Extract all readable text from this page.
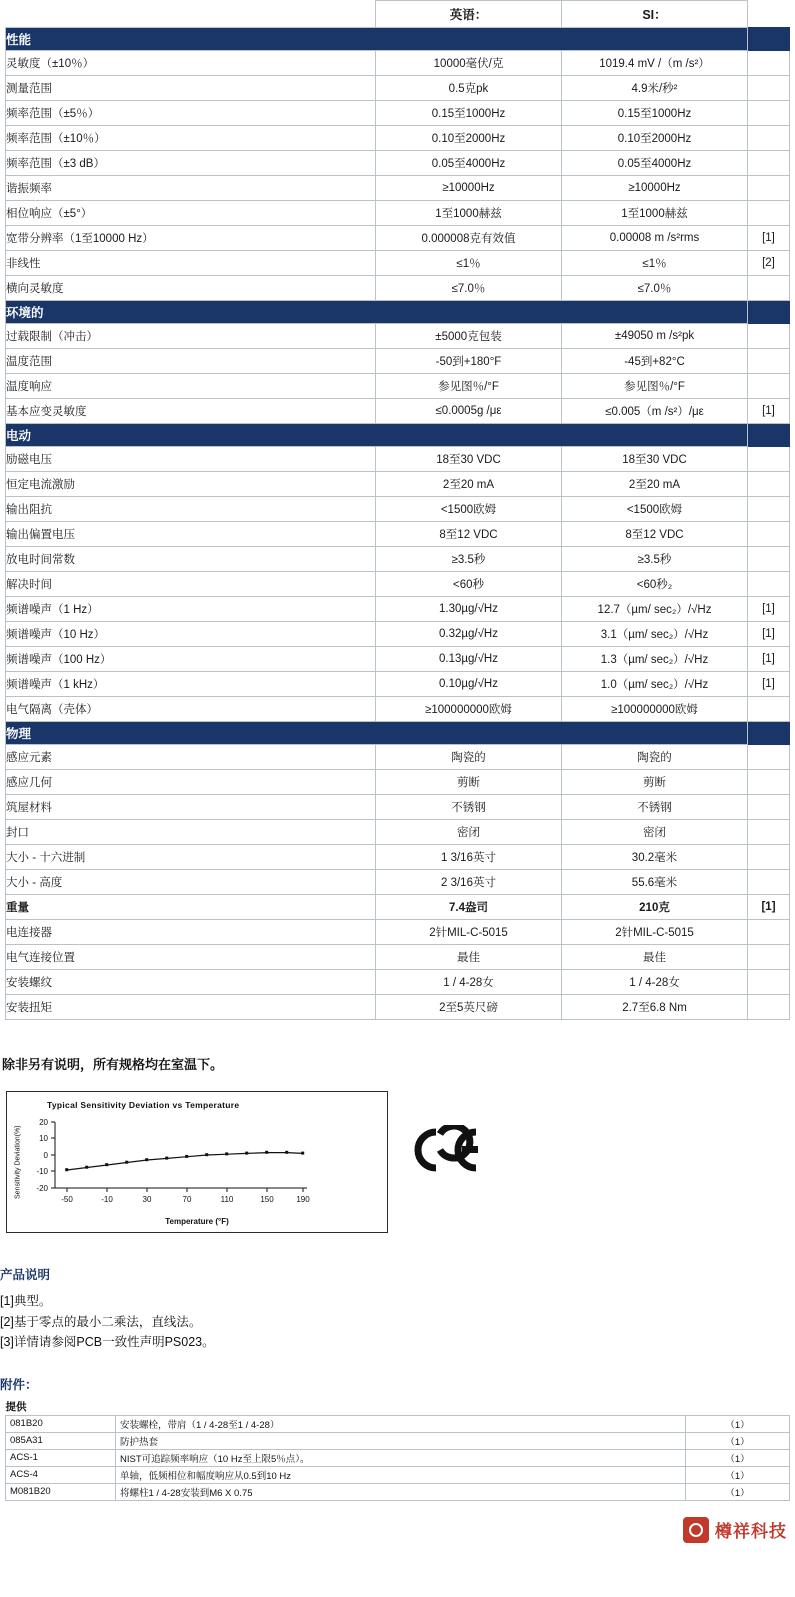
	英语：	SI：	
性能			
灵敏度（±10％）	10000毫伏/克	1019.4 mV /（m /s²）	
测量范围	0.5克pk	4.9米/秒²	
频率范围（±5％）	0.15至1000Hz	0.15至1000Hz	
频率范围（±10％）	0.10至2000Hz	0.10至2000Hz	
频率范围（±3 dB）	0.05至4000Hz	0.05至4000Hz	
谐振频率	≥10000Hz	≥10000Hz	
相位响应（±5°）	1至1000赫兹	1至1000赫兹	
宽带分辨率（1至10000 Hz）	0.000008克有效值	0.00008 m /s²rms	[1]
非线性	≤1％	≤1％	[2]
横向灵敏度	≤7.0％	≤7.0％	
环境的			
过载限制（冲击）	±5000克包装	±49050 m /s²pk	
温度范围	-50到+180°F	-45到+82°C	
温度响应	参见图％/°F	参见图％/°F	
基本应变灵敏度	≤0.0005g /με	≤0.005（m /s²）/με	[1]
电动			
励磁电压	18至30 VDC	18至30 VDC	
恒定电流激励	2至20 mA	2至20 mA	
输出阻抗	<1500欧姆	<1500欧姆	
输出偏置电压	8至12 VDC	8至12 VDC	
放电时间常数	≥3.5秒	≥3.5秒	
解决时间	<60秒	<60秒₂	
频谱噪声（1 Hz）	1.30µg/√Hz	12.7（µm/ sec₂）/√Hz	[1]
频谱噪声（10 Hz）	0.32µg/√Hz	3.1（µm/ sec₂）/√Hz	[1]
频谱噪声（100 Hz）	0.13µg/√Hz	1.3（µm/ sec₂）/√Hz	[1]
频谱噪声（1 kHz）	0.10µg/√Hz	1.0（µm/ sec₂）/√Hz	[1]
电气隔离（壳体）	≥100000000欧姆	≥100000000欧姆	
物理			
感应元素	陶瓷的	陶瓷的	
感应几何	剪断	剪断	
筑屋材料	不锈钢	不锈钢	
封口	密闭	密闭	
大小 - 十六进制	1 3/16英寸	30.2毫米	
大小 - 高度	2 3/16英寸	55.6毫米	
重量	7.4盎司	210克	[1]
电连接器	2针MIL-C-5015	2针MIL-C-5015	
电气连接位置	最佳	最佳	
安装螺纹	1 / 4-28女	1 / 4-28女	
安装扭矩	2至5英尺磅	2.7至6.8 Nm	
除非另有说明，所有规格均在室温下。
Typical Sensitivity Deviation vs Temperature
Sensitivity Deviation(%)
20
10
0
-10
-20
-50	-10	30	70	110	150	190
Temperature (°F)
产品说明
[1]典型。
[2]基于零点的最小二乘法，直线法。
[3]详情请参阅PCB一致性声明PS023。
附件：
提供		
081B20	安装螺栓，带肩（1 / 4-28至1 / 4-28）	（1）
085A31	防护热套	（1）
ACS-1	NIST可追踪频率响应（10 Hz至上限5％点）。	（1）
ACS-4	单轴，低频相位和幅度响应从0.5到10 Hz	（1）
M081B20	将螺柱1 / 4-28安装到M6 X 0.75	（1）
樽祥科技
